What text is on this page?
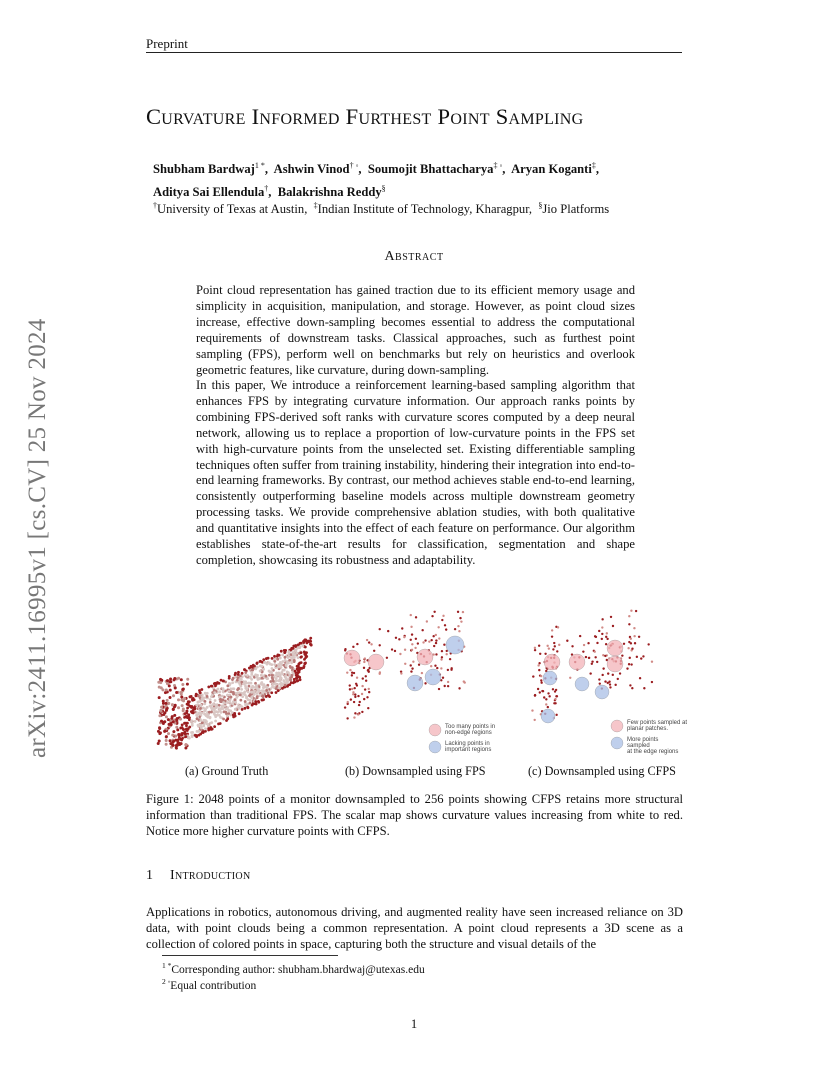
Preprint
Curvature Informed Furthest Point Sampling
Shubham Bardwaj$^{1 *}$,  Ashwin Vinod† ◦,  Soumojit Bhattacharya‡ ◦,  Aryan Koganti‡,
Aditya Sai Ellendula†,  Balakrishna Reddy§
†University of Texas at Austin, ‡Indian Institute of Technology, Kharagpur, §Jio Platforms
Abstract
Point cloud representation has gained traction due to its efficient memory usage and simplicity in acquisition, manipulation, and storage. However, as point cloud sizes increase, effective down-sampling becomes essential to address the computational requirements of downstream tasks. Classical approaches, such as furthest point sampling (FPS), perform well on benchmarks but rely on heuristics and overlook geometric features, like curvature, during down-sampling.
In this paper, We introduce a reinforcement learning-based sampling algorithm that enhances FPS by integrating curvature information. Our approach ranks points by combining FPS-derived soft ranks with curvature scores computed by a deep neural network, allowing us to replace a proportion of low-curvature points in the FPS set with high-curvature points from the unselected set. Existing differentiable sampling techniques often suffer from training instability, hindering their integration into end-to-end learning frameworks. By contrast, our method achieves stable end-to-end learning, consistently outperforming baseline models across multiple downstream geometry processing tasks. We provide comprehensive ablation studies, with both qualitative and quantitative insights into the effect of each feature on performance. Our algorithm establishes state-of-the-art results for classification, segmentation and shape completion, showcasing its robustness and adaptability.
arXiv:2411.16995v1 [cs.CV] 25 Nov 2024	Too many points in
non-edge regions
Lacking points in
important regions
Few points sampled at
planar patches.
More points
sampled
at the edge regions
(a) Ground Truth	(b) Downsampled using FPS	(c) Downsampled using CFPS
Figure 1: 2048 points of a monitor downsampled to 256 points showing CFPS retains more structural information than traditional FPS. The scalar map shows curvature values increasing from white to red. Notice more higher curvature points with CFPS.
1 Introduction
Applications in robotics, autonomous driving, and augmented reality have seen increased reliance on 3D data, with point clouds being a common representation. A point cloud represents a 3D scene as a collection of colored points in space, capturing both the structure and visual details of the
$^{1 *}$Corresponding author: shubham.bhardwaj@utexas.edu
$^{2 ◦}$Equal contribution
1
